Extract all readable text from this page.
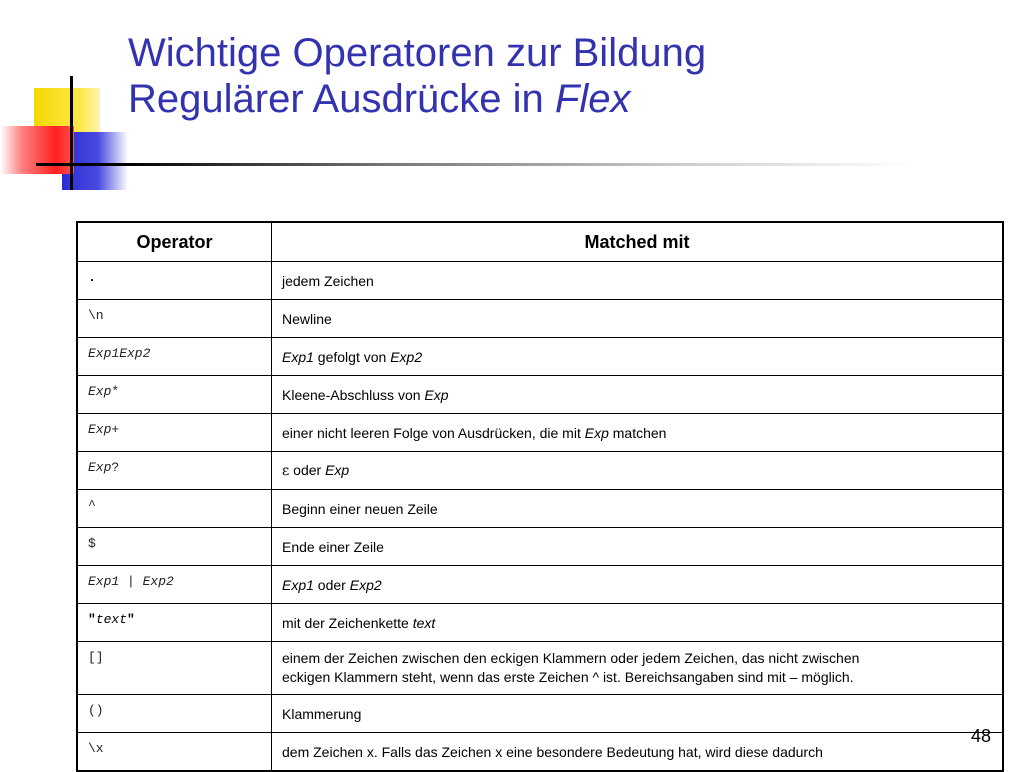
Wichtige Operatoren zur Bildung
Regulärer Ausdrücke in Flex
Operator	Matched mit
.	jedem Zeichen
\n	Newline
Exp1Exp2	Exp1 gefolgt von Exp2
Exp*	Kleene-Abschluss von Exp
Exp+	einer nicht leeren Folge von Ausdrücken, die mit Exp matchen
Exp?	ε oder Exp
^	Beginn einer neuen Zeile
$	Ende einer Zeile
Exp1 | Exp2	Exp1 oder Exp2
"text"	mit der Zeichenkette text
[]	einem der Zeichen zwischen den eckigen Klammern oder jedem Zeichen, das nicht zwischen
eckigen Klammern steht, wenn das erste Zeichen ^ ist. Bereichsangaben sind mit – möglich.
()	Klammerung
\x	dem Zeichen x. Falls das Zeichen x eine besondere Bedeutung hat, wird diese dadurch
48
